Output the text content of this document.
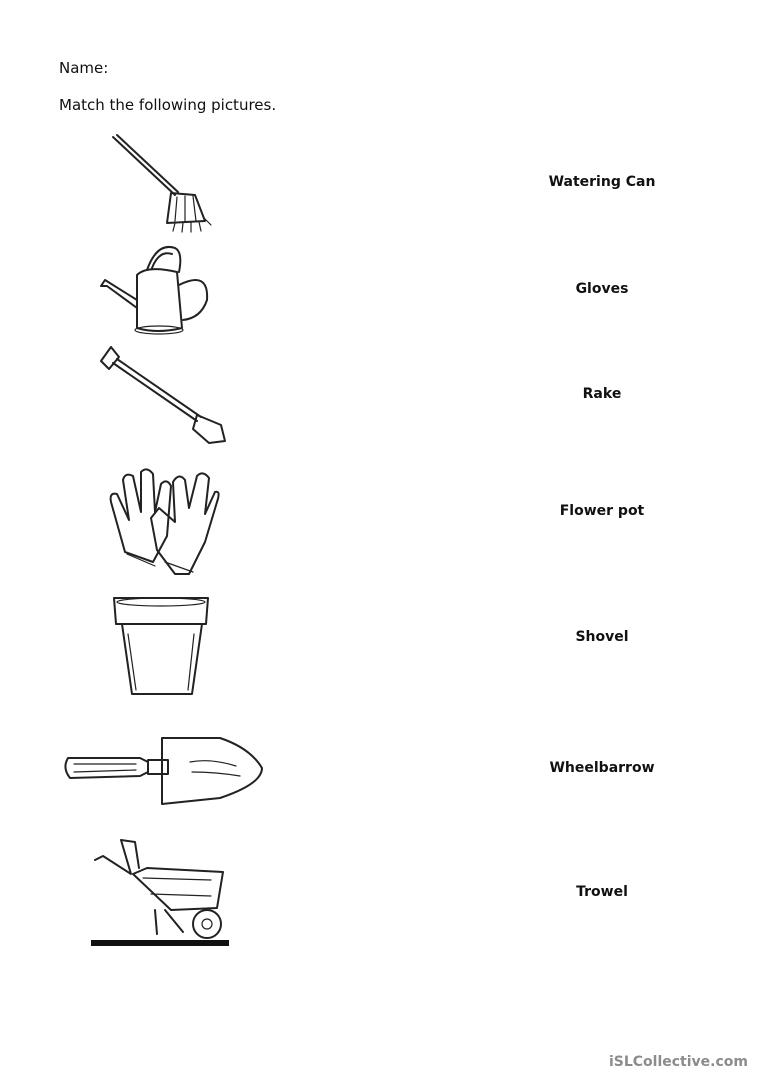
Name:

Match the following pictures.

Watering Can
Gloves
Rake
Flower pot
Shovel
Wheelbarrow
Trowel
iSLCollective.com
